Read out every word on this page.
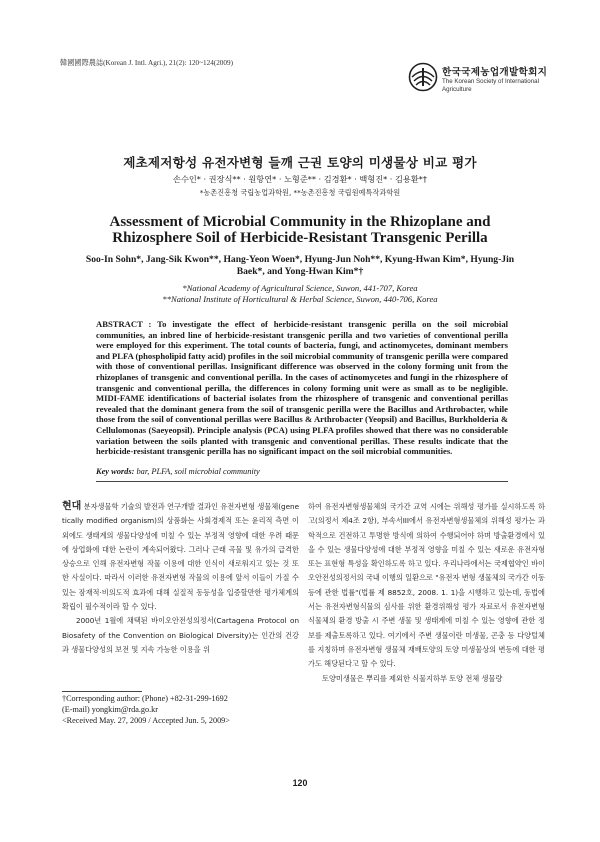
韓國國際農誌(Korean J. Intl. Agri.), 21(2): 120~124(2009)
한국국제농업개발학회지
The Korean Society of International Agriculture
제초제저항성 유전자변형 들깨 근권 토양의 미생물상 비교 평가
손수인* · 권장식** · 원항연* · 노형준** · 김경환* · 백형진* · 김용환*†
*농촌진흥청 국립농업과학원, **농촌진흥청 국립원예특작과학원
Assessment of Microbial Community in the Rhizoplane and Rhizosphere Soil of Herbicide-Resistant Transgenic Perilla
Soo-In Sohn*, Jang-Sik Kwon**, Hang-Yeon Woen*, Hyung-Jun Noh**, Kyung-Hwan Kim*, Hyung-Jin Baek*, and Yong-Hwan Kim*†
*National Academy of Agricultural Science, Suwon, 441-707, Korea
**National Institute of Horticultural & Herbal Science, Suwon, 440-706, Korea
ABSTRACT : To investigate the effect of herbicide-resistant transgenic perilla on the soil microbial communities, an inbred line of herbicide-resistant transgenic perilla and two varieties of conventional perilla were employed for this experiment. The total counts of bacteria, fungi, and actinomycetes, dominant members and PLFA (phospholipid fatty acid) profiles in the soil microbial community of transgenic perilla were compared with those of conventional perillas. Insignificant difference was observed in the colony forming unit from the rhizoplanes of transgenic and conventional perilla. In the cases of actinomycetes and fungi in the rhizosphere of transgenic and conventional perilla, the differences in colony forming unit were as small as to be negligible. MIDI-FAME identifications of bacterial isolates from the rhizosphere of transgenic and conventional perillas revealed that the dominant genera from the soil of transgenic perilla were the Bacillus and Arthrobacter, while those from the soil of conventional perillas were Bacillus & Arthrobacter (Yeopsil) and Bacillus, Burkholderia & Cellulomonas (Saeyeopsil). Principle analysis (PCA) using PLFA profiles showed that there was no considerable variation between the soils planted with transgenic and conventional perillas. These results indicate that the herbicide-resistant transgenic perilla has no significant impact on the soil microbial communities.
Key words: bar, PLFA, soil microbial community

현대 분자생물학 기술의 발전과 연구개발 결과인 유전자변형 생물체(genetically modified organism)의 상품화는 사회경제적 또는 윤리적 측면 이외에도 생태계의 생물다양성에 미칠 수 있는 부정적 영향에 대한 우려 때문에 상업화에 대한 논란이 계속되어왔다. 그러나 근래 곡물 및 유가의 급격한 상승으로 인해 유전자변형 작물 이용에 대한 인식이 새로워지고 있는 것 또한 사실이다. 따라서 이러한 유전자변형 작물의 이용에 앞서 이들이 가질 수 있는 잠재적·비의도적 효과에 대해 실질적 동등성을 입증할만한 평가체계의 확립이 필수적이라 할 수 있다.

2000년 1월에 채택된 바이오안전성의정서(Cartagena Protocol on Biosafety of the Convention on Biological Diversity)는 인간의 건강과 생물다양성의 보전 및 지속 가능한 이용을 위

하여 유전자변형생물체의 국가간 교역 시에는 위해성 평가를 실시하도록 하고(의정서 제4조 2항), 부속서III에서 유전자변형생물체의 위해성 평가는 과학적으로 건전하고 투명한 방식에 의하여 수행되어야 하며 방출환경에서 있을 수 있는 생물다양성에 대한 부정적 영향을 미칠 수 있는 새로운 유전자형 또는 표현형 특성을 확인하도록 하고 있다. 우리나라에서는 국제협약인 바이오안전성의정서의 국내 이행의 일환으로 "유전자 변형 생물체의 국가간 이동 등에 관한 법률"(법률 제 8852호, 2008. 1. 1)을 시행하고 있는데, 동법에서는 유전자변형식물의 심사를 위한 환경위해성 평가 자료로서 유전자변형식물체의 환경 방출 시 주변 생물 및 생태계에 미칠 수 있는 영향에 관한 정보를 제출토록하고 있다. 여기에서 주변 생물이란 미생물, 곤충 등 다양털체를 지칭하며 유전자변형 생물체 재배토양의 토양 미생물상의 변동에 대한 평가도 해당된다고 할 수 있다.

토양미생물은 뿌리를 제외한 식물지하부 토양 전체 생물량

†Corresponding author: (Phone) +82-31-299-1692
(E-mail) yongkim@rda.go.kr
<Received May. 27, 2009 / Accepted Jun. 5, 2009>
120
